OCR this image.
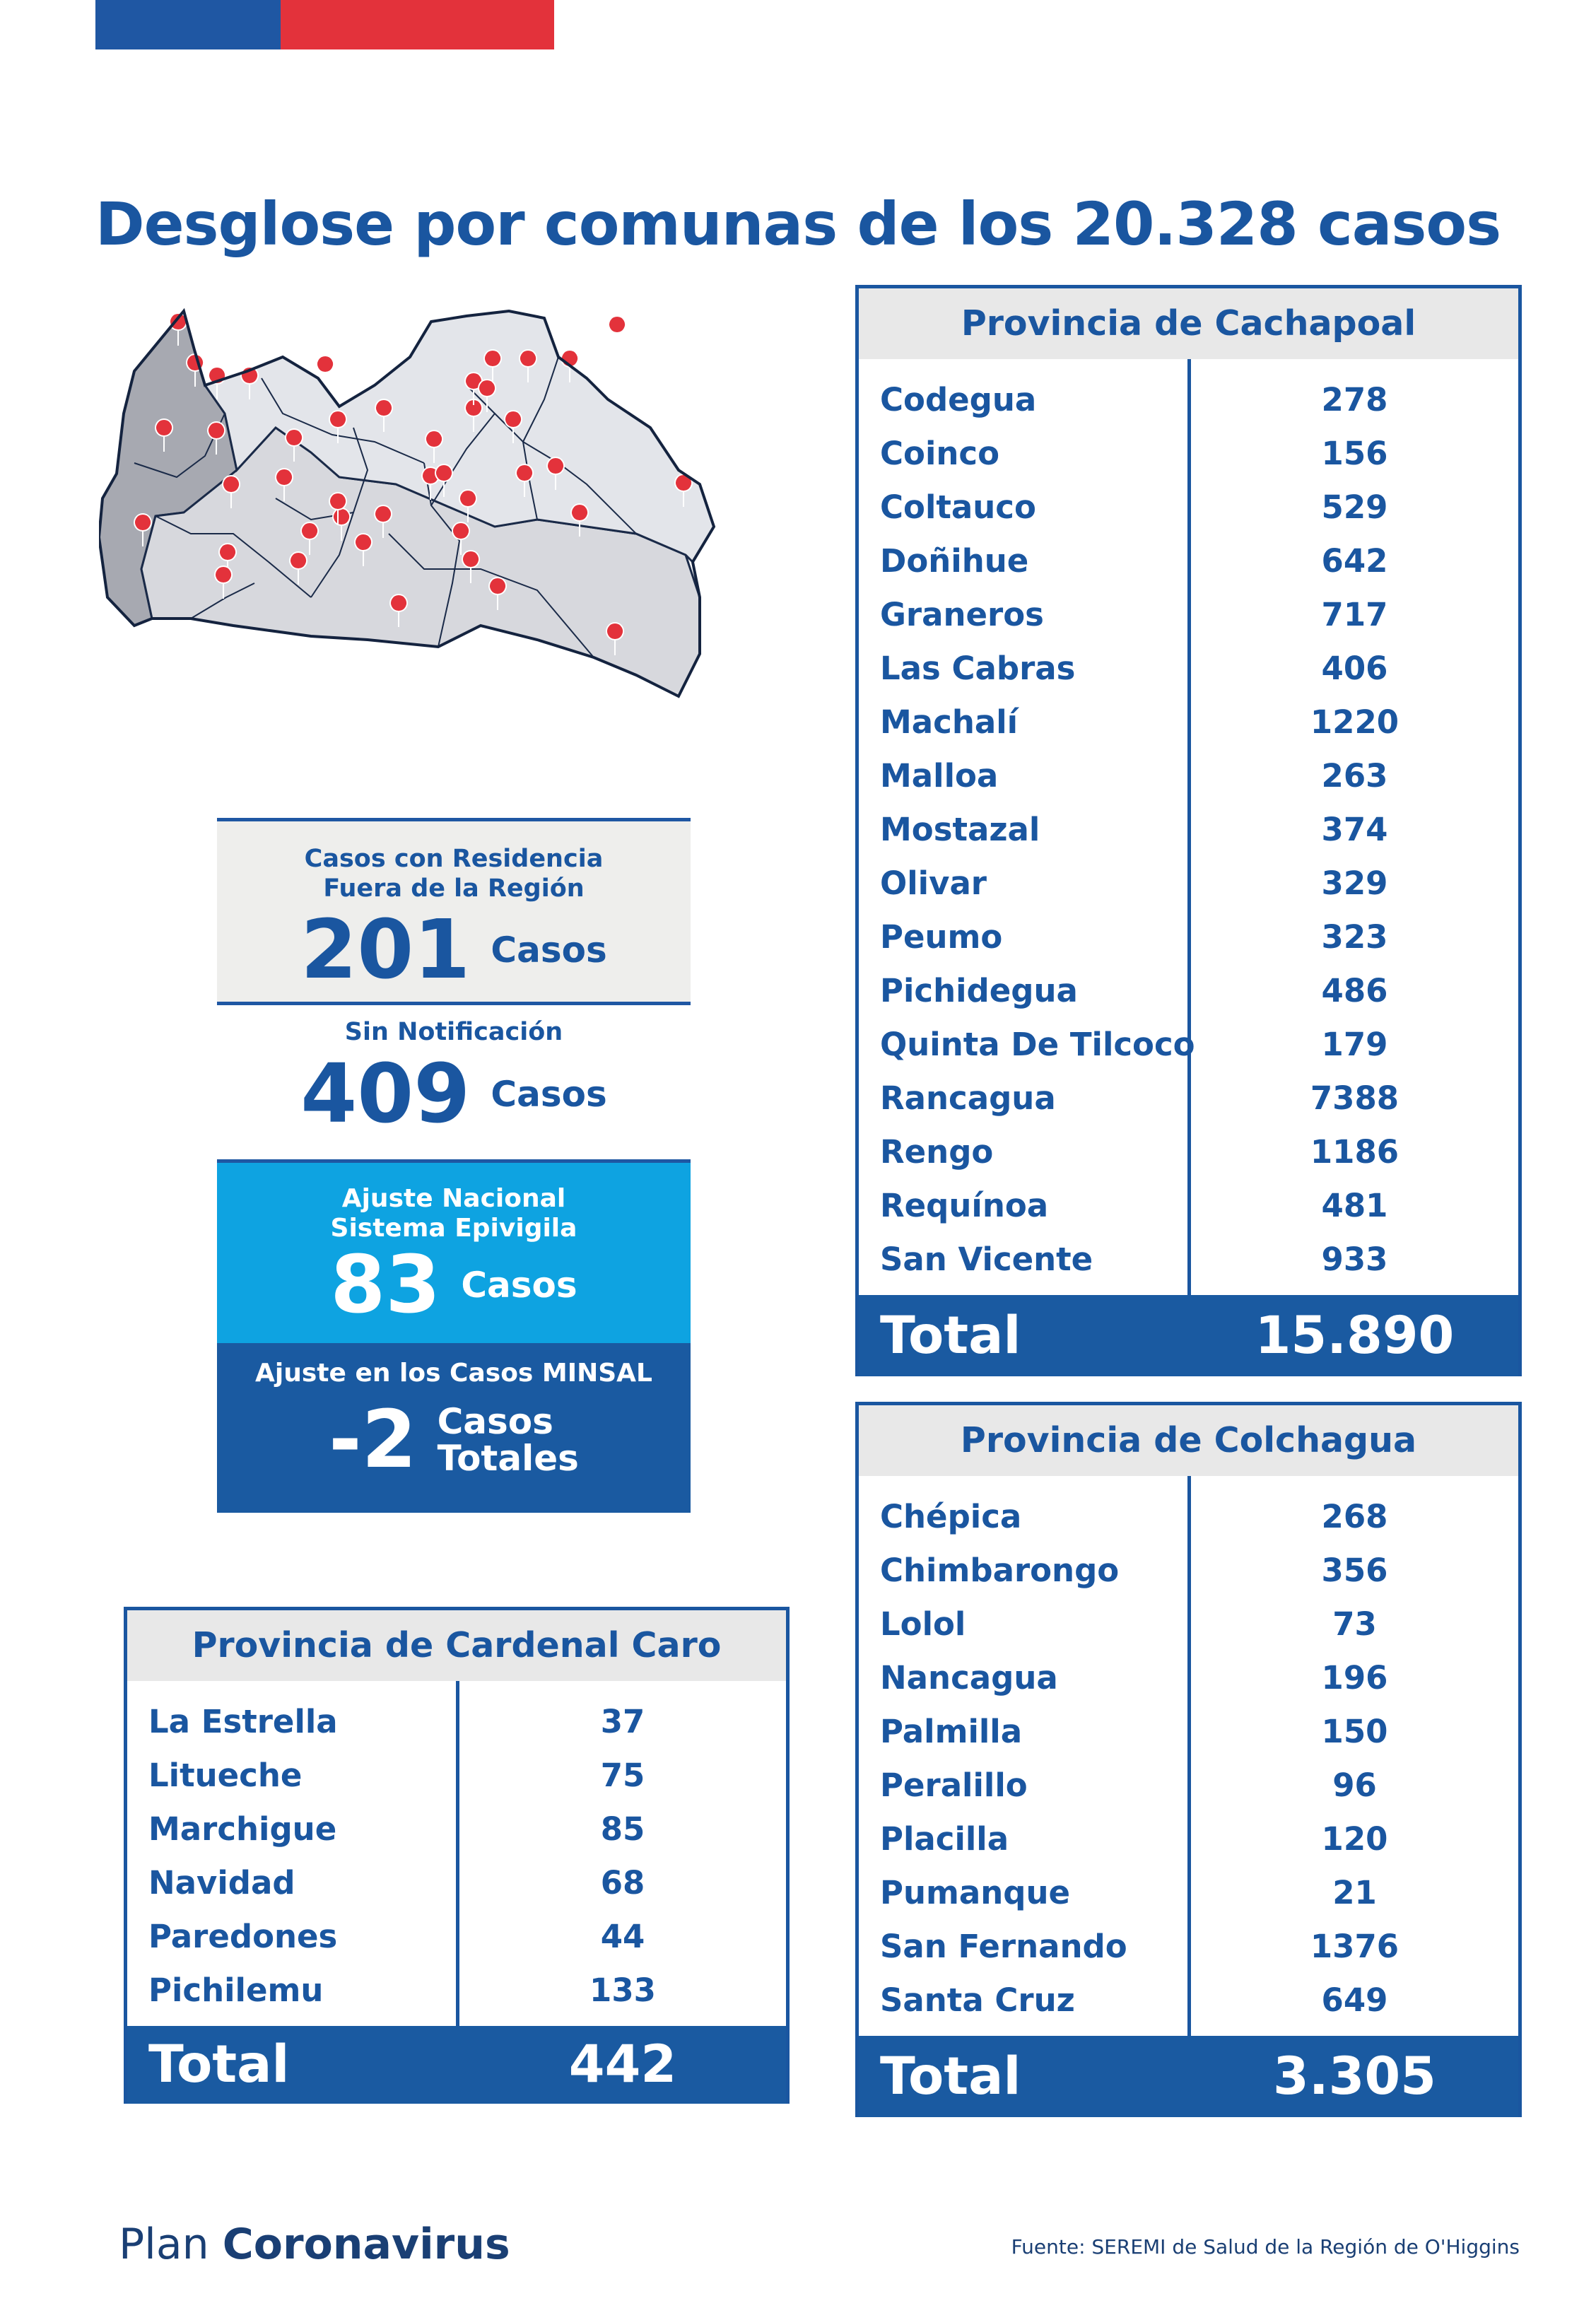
Desglose por comunas de los 20.328 casos
Casos con Residencia
Fuera de la Región
201 Casos
Sin Notificación
409 Casos
Ajuste Nacional
Sistema Epivigila
83 Casos
Ajuste en los Casos MINSAL
-2 Casos
Totales
Provincia de Cachapoal
Codegua	278
Coinco	156
Coltauco	529
Doñihue	642
Graneros	717
Las Cabras	406
Machalí	1220
Malloa	263
Mostazal	374
Olivar	329
Peumo	323
Pichidegua	486
Quinta De Tilcoco	179
Rancagua	7388
Rengo	1186
Requínoa	481
San Vicente	933
Total	15.890
Provincia de Colchagua
Chépica	268
Chimbarongo	356
Lolol	73
Nancagua	196
Palmilla	150
Peralillo	96
Placilla	120
Pumanque	21
San Fernando	1376
Santa Cruz	649
Total	3.305
Provincia de Cardenal Caro
La Estrella	37
Litueche	75
Marchigue	85
Navidad	68
Paredones	44
Pichilemu	133
Total	442
Plan Coronavirus	Fuente: SEREMI de Salud de la Región de O'Higgins
